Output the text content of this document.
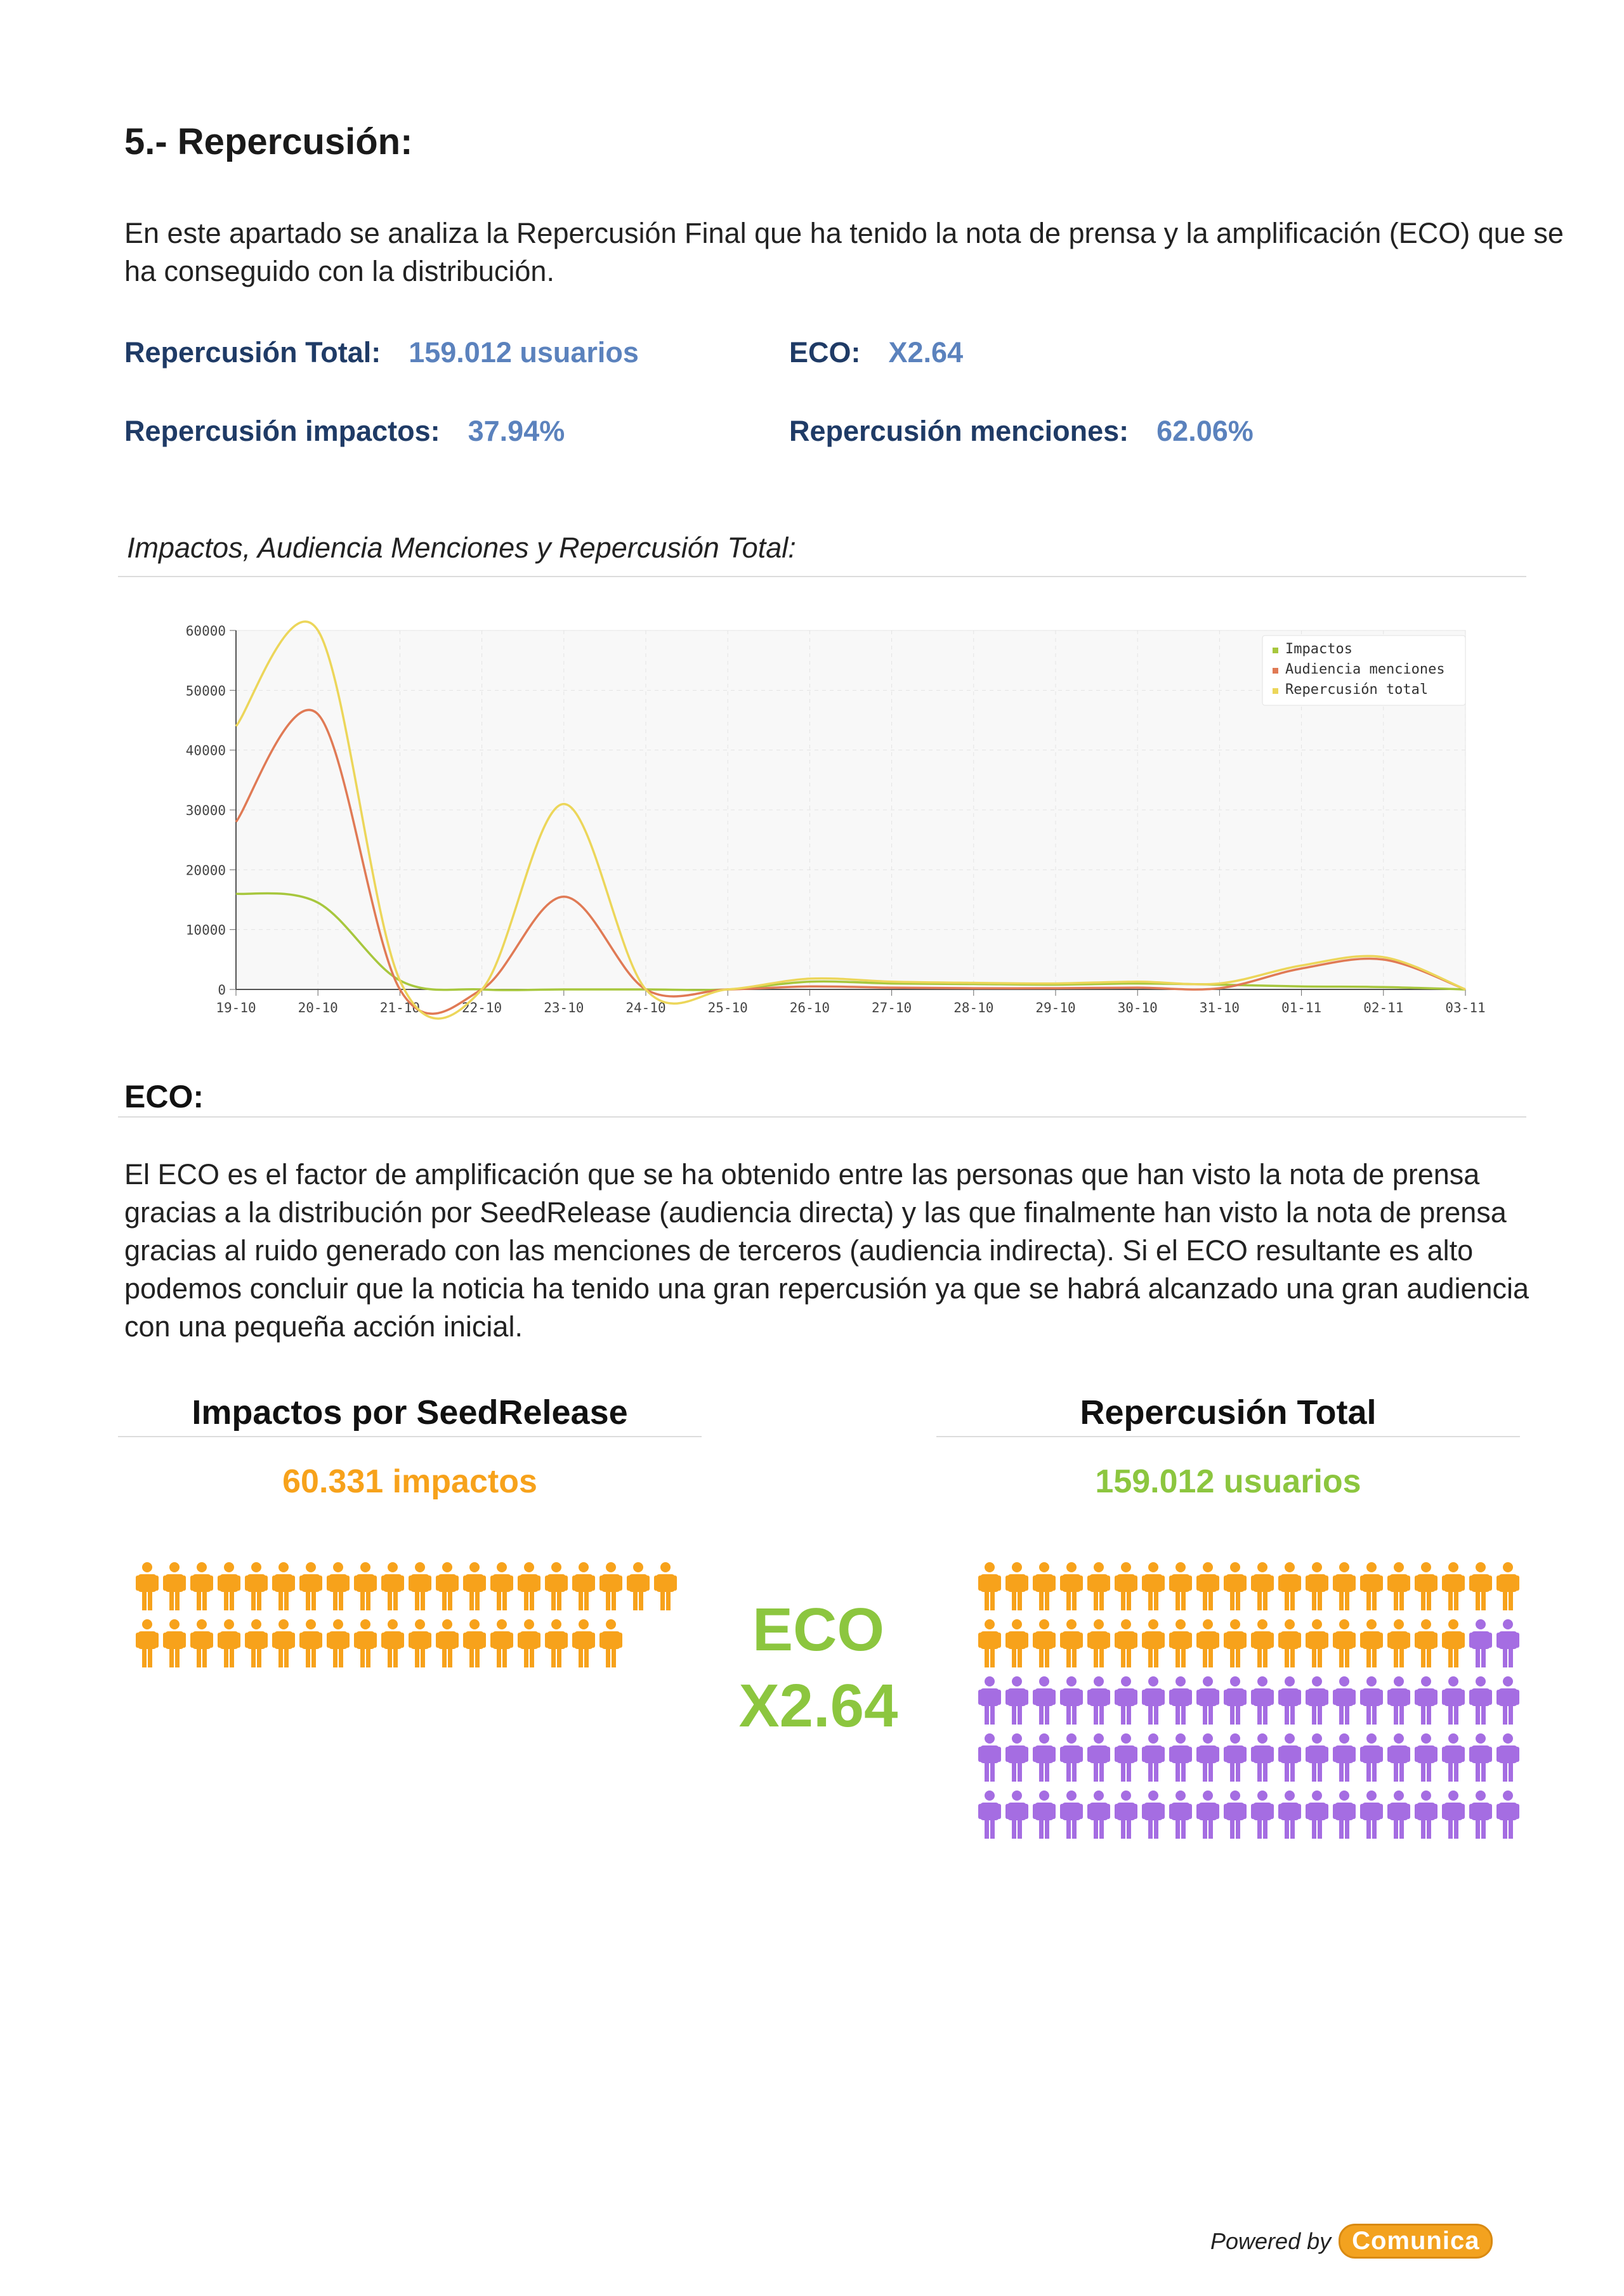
5.- Repercusión:
En este apartado se analiza la Repercusión Final que ha tenido la nota de prensa y la amplificación (ECO) que se ha conseguido con la distribución.
Repercusión Total: 159.012 usuarios	ECO: X2.64
Repercusión impactos: 37.94%	Repercusión menciones: 62.06%
Impactos, Audiencia Menciones y Repercusión Total:
0
10000
20000
30000
40000
50000
60000
19-10	20-10	21-10	22-10	23-10	24-10	25-10	26-10	27-10	28-10	29-10	30-10	31-10	01-11	02-11	03-11
Impactos
Audiencia menciones
Repercusión total
ECO:
El ECO es el factor de amplificación que se ha obtenido entre las personas que han visto la nota de prensa gracias a la distribución por SeedRelease (audiencia directa) y las que finalmente han visto la nota de prensa gracias al ruido generado con las menciones de terceros (audiencia indirecta). Si el ECO resultante es alto podemos concluir que la noticia ha tenido una gran repercusión ya que se habrá alcanzado una gran audiencia con una pequeña acción inicial.
Impactos por SeedRelease
60.331 impactos
ECO
X2.64
Repercusión Total
159.012 usuarios
Powered by Comunica
